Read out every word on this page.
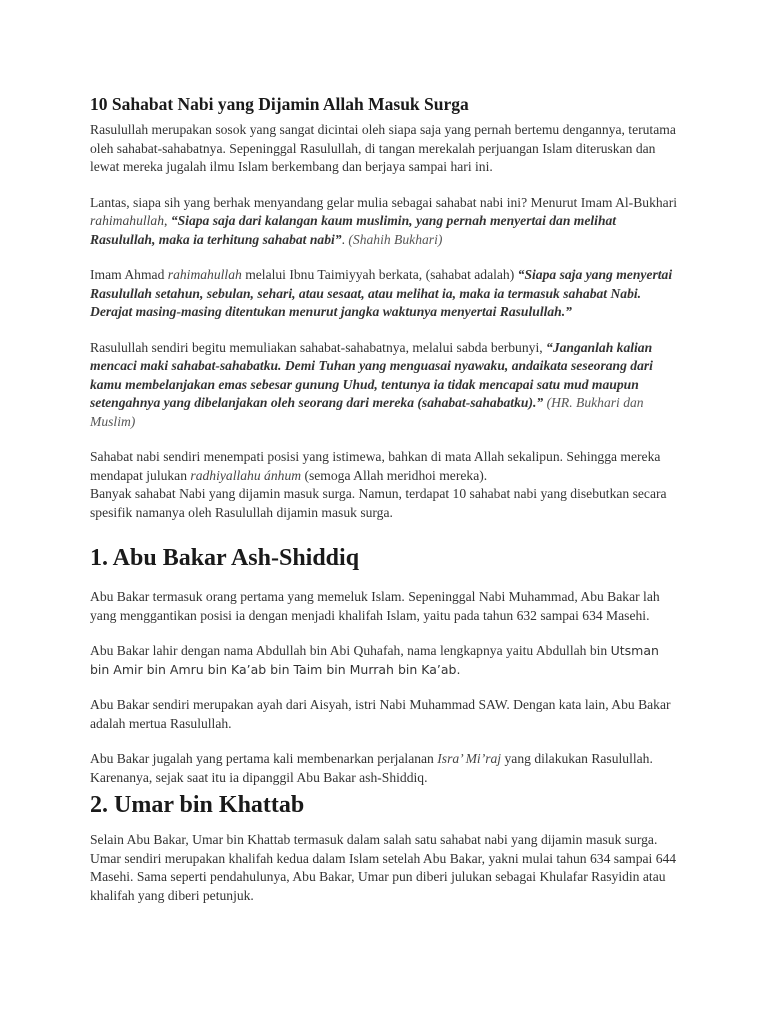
10 Sahabat Nabi yang Dijamin Allah Masuk Surga

Rasulullah merupakan sosok yang sangat dicintai oleh siapa saja yang pernah bertemu dengannya, terutama oleh sahabat-sahabatnya. Sepeninggal Rasulullah, di tangan merekalah perjuangan Islam diteruskan dan lewat mereka jugalah ilmu Islam berkembang dan berjaya sampai hari ini.

Lantas, siapa sih yang berhak menyandang gelar mulia sebagai sahabat nabi ini? Menurut Imam Al-Bukhari rahimahullah, “Siapa saja dari kalangan kaum muslimin, yang pernah menyertai dan melihat Rasulullah, maka ia terhitung sahabat nabi”. (Shahih Bukhari)

Imam Ahmad rahimahullah melalui Ibnu Taimiyyah berkata, (sahabat adalah) “Siapa saja yang menyertai Rasulullah setahun, sebulan, sehari, atau sesaat, atau melihat ia, maka ia termasuk sahabat Nabi. Derajat masing-masing ditentukan menurut jangka waktunya menyertai Rasulullah.”

Rasulullah sendiri begitu memuliakan sahabat-sahabatnya, melalui sabda berbunyi, “Janganlah kalian mencaci maki sahabat-sahabatku. Demi Tuhan yang menguasai nyawaku, andaikata seseorang dari kamu membelanjakan emas sebesar gunung Uhud, tentunya ia tidak mencapai satu mud maupun setengahnya yang dibelanjakan oleh seorang dari mereka (sahabat-sahabatku).” (HR. Bukhari dan Muslim)

Sahabat nabi sendiri menempati posisi yang istimewa, bahkan di mata Allah sekalipun. Sehingga mereka mendapat julukan radhiyallahu ánhum (semoga Allah meridhoi mereka).

Banyak sahabat Nabi yang dijamin masuk surga. Namun, terdapat 10 sahabat nabi yang disebutkan secara spesifik namanya oleh Rasulullah dijamin masuk surga.

1. Abu Bakar Ash-Shiddiq

Abu Bakar termasuk orang pertama yang memeluk Islam. Sepeninggal Nabi Muhammad, Abu Bakar lah yang menggantikan posisi ia dengan menjadi khalifah Islam, yaitu pada tahun 632 sampai 634 Masehi.

Abu Bakar lahir dengan nama Abdullah bin Abi Quhafah, nama lengkapnya yaitu Abdullah bin Utsman bin Amir bin Amru bin Ka’ab bin Taim bin Murrah bin Ka’ab.

Abu Bakar sendiri merupakan ayah dari Aisyah, istri Nabi Muhammad SAW. Dengan kata lain, Abu Bakar adalah mertua Rasulullah.

Abu Bakar jugalah yang pertama kali membenarkan perjalanan Isra’ Mi’raj yang dilakukan Rasulullah. Karenanya, sejak saat itu ia dipanggil Abu Bakar ash-Shiddiq.

2. Umar bin Khattab

Selain Abu Bakar, Umar bin Khattab termasuk dalam salah satu sahabat nabi yang dijamin masuk surga. Umar sendiri merupakan khalifah kedua dalam Islam setelah Abu Bakar, yakni mulai tahun 634 sampai 644 Masehi. Sama seperti pendahulunya, Abu Bakar, Umar pun diberi julukan sebagai Khulafar Rasyidin atau khalifah yang diberi petunjuk.
